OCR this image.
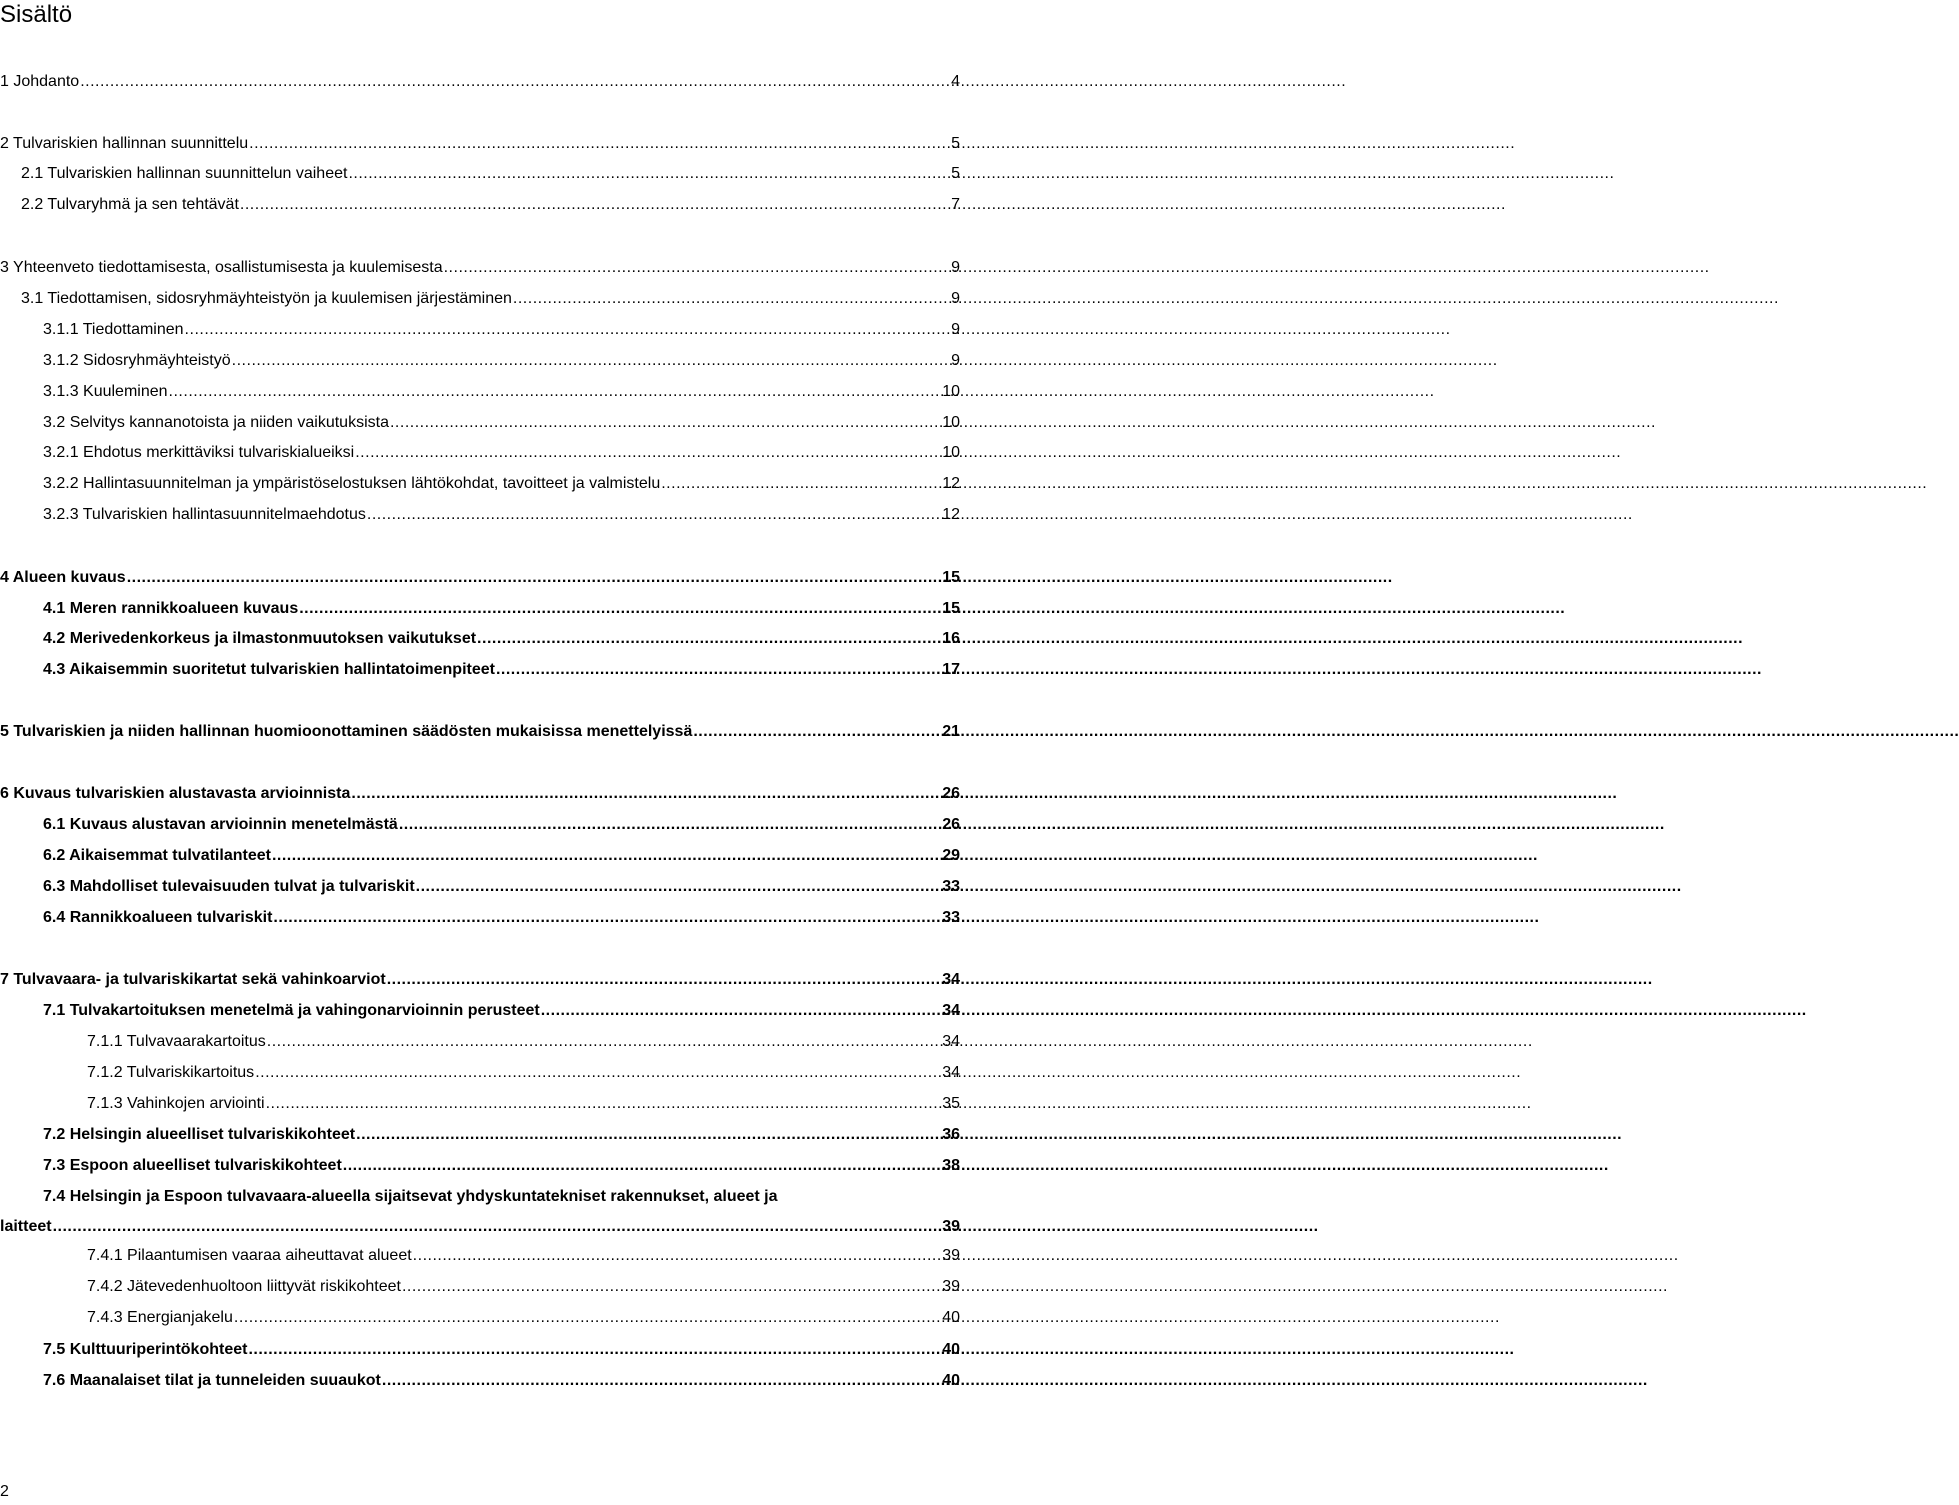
Sisältö
1 Johdanto .....	4
2 Tulvariskien hallinnan suunnittelu .....	5
2.1 Tulvariskien hallinnan suunnittelun vaiheet .....	5
2.2 Tulvaryhmä ja sen tehtävät .....	7
3 Yhteenveto tiedottamisesta, osallistumisesta ja kuulemisesta .....	9
3.1 Tiedottamisen, sidosryhmäyhteistyön ja kuulemisen järjestäminen .....	9
3.1.1 Tiedottaminen .....	9
3.1.2 Sidosryhmäyhteistyö .....	9
3.1.3 Kuuleminen .....	10
3.2 Selvitys kannanotoista ja niiden vaikutuksista .....	10
3.2.1 Ehdotus merkittäviksi tulvariskialueiksi .....	10
3.2.2 Hallintasuunnitelman ja ympäristöselostuksen lähtökohdat, tavoitteet ja valmistelu .....	12
3.2.3 Tulvariskien hallintasuunnitelmaehdotus .....	12
4 Alueen kuvaus .....	15
4.1 Meren rannikkoalueen kuvaus .....	15
4.2 Merivedenkorkeus ja ilmastonmuutoksen vaikutukset .....	16
4.3 Aikaisemmin suoritetut tulvariskien hallintatoimenpiteet .....	17
5 Tulvariskien ja niiden hallinnan huomioonottaminen säädösten mukaisissa menettelyissä .....	21
6 Kuvaus tulvariskien alustavasta arvioinnista .....	26
6.1 Kuvaus alustavan arvioinnin menetelmästä .....	26
6.2 Aikaisemmat tulvatilanteet .....	29
6.3 Mahdolliset tulevaisuuden tulvat ja tulvariskit .....	33
6.4 Rannikkoalueen tulvariskit .....	33
7 Tulvavaara- ja tulvariskikartat sekä vahinkoarviot .....	34
7.1 Tulvakartoituksen menetelmä ja vahingonarvioinnin perusteet .....	34
7.1.1 Tulvavaarakartoitus .....	34
7.1.2 Tulvariskikartoitus .....	34
7.1.3 Vahinkojen arviointi .....	35
7.2 Helsingin alueelliset tulvariskikohteet .....	36
7.3 Espoon alueelliset tulvariskikohteet .....	38
7.4 Helsingin ja Espoon tulvavaara-alueella sijaitsevat yhdyskuntatekniset rakennukset, alueet ja
laitteet .....	39
7.4.1 Pilaantumisen vaaraa aiheuttavat alueet .....	39
7.4.2 Jätevedenhuoltoon liittyvät riskikohteet .....	39
7.4.3 Energianjakelu .....	40
7.5 Kulttuuriperintökohteet .....	40
7.6 Maanalaiset tilat ja tunneleiden suuaukot .....	40
2
